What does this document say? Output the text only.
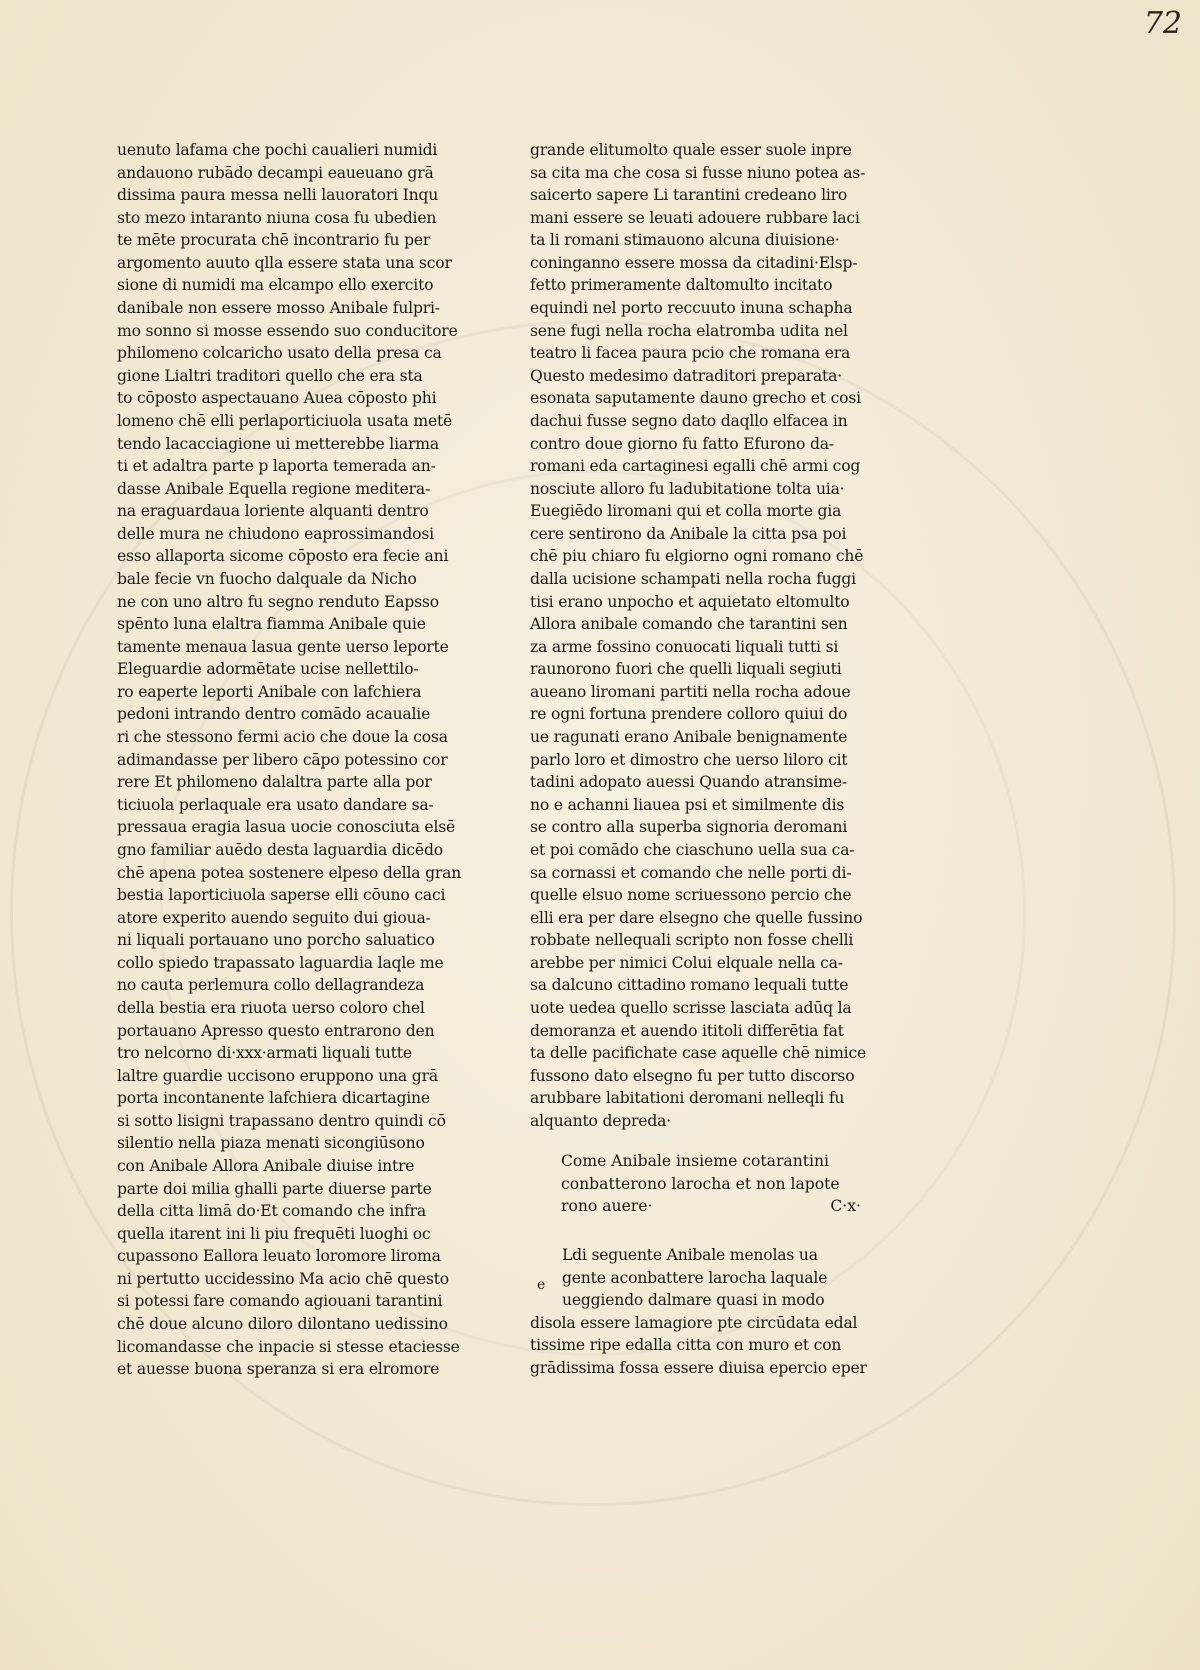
72
uenuto lafama che pochi caualieri numidi
andauono rubādo decampi eaueuano grā
dissima paura messa nelli lauoratori Inqu
sto mezo intaranto niuna cosa fu ubedien
te mēte procurata chē incontrario fu per
argomento auuto qlla essere stata una scor
sione di numidi ma elcampo ello exercito
danibale non essere mosso Anibale fulpri-
mo sonno si mosse essendo suo conducitore
philomeno colcaricho usato della presa ca
gione Lialtri traditori quello che era sta
to cōposto aspectauano Auea cōposto phi
lomeno chē elli perlaporticiuola usata metē
tendo lacacciagione ui metterebbe liarma
ti et adaltra parte p laporta temerada an-
dasse Anibale Equella regione meditera-
na eraguardaua loriente alquanti dentro
delle mura ne chiudono eaprossimandosi
esso allaporta sicome cōposto era fecie ani
bale fecie vn fuocho dalquale da Nicho
ne con uno altro fu segno renduto Eapsso
spēnto luna elaltra fiamma Anibale quie
tamente menaua lasua gente uerso leporte
Eleguardie adormētate ucise nellettilo-
ro eaperte leporti Anibale con lafchiera
pedoni intrando dentro comādo acaualie
ri che stessono fermi acio che doue la cosa
adimandasse per libero cāpo potessino cor
rere Et philomeno dalaltra parte alla por
ticiuola perlaquale era usato dandare sa-
pressaua eragia lasua uocie conosciuta elsē
gno familiar auēdo desta laguardia dicēdo
chē apena potea sostenere elpeso della gran
bestia laporticiuola saperse elli cōuno caci
atore experito auendo seguito dui gioua-
ni liquali portauano uno porcho saluatico
collo spiedo trapassato laguardia laqle me
no cauta perlemura collo dellagrandeza
della bestia era riuota uerso coloro chel
portauano Apresso questo entrarono den
tro nelcorno di·xxx·armati liquali tutte
laltre guardie uccisono eruppono una grā
porta incontanente lafchiera dicartagine
si sotto lisigni trapassano dentro quindi cō
silentio nella piaza menati sicongiūsono
con Anibale Allora Anibale diuise intre
parte doi milia ghalli parte diuerse parte
della citta limā do·Et comando che infra
quella itarent ini li piu frequēti luoghi oc
cupassono Eallora leuato loromore liroma
ni pertutto uccidessino Ma acio chē questo
si potessi fare comando agiouani tarantini
chē doue alcuno diloro dilontano uedissino
licomandasse che inpacie si stesse etaciesse
et auesse buona speranza si era elromore
grande elitumolto quale esser suole inpre
sa cita ma che cosa si fusse niuno potea as-
saicerto sapere Li tarantini credeano liro
mani essere se leuati adouere rubbare laci
ta li romani stimauono alcuna diuisione·
coninganno essere mossa da citadini·Elsp-
fetto primeramente daltomulto incitato
equindi nel porto reccuuto inuna schapha
sene fugi nella rocha elatromba udita nel
teatro li facea paura pcio che romana era
Questo medesimo datraditori preparata·
esonata saputamente dauno grecho et cosi
dachui fusse segno dato daqllo elfacea in
contro doue giorno fu fatto Efurono da-
romani eda cartaginesi egalli chē armi cog
nosciute alloro fu ladubitatione tolta uia·
Euegiēdo liromani qui et colla morte gia
cere sentirono da Anibale la citta psa poi
chē piu chiaro fu elgiorno ogni romano chē
dalla ucisione schampati nella rocha fuggi
tisi erano unpocho et aquietato eltomulto
Allora anibale comando che tarantini sen
za arme fossino conuocati liquali tutti si
raunorono fuori che quelli liquali segiuti
aueano liromani partiti nella rocha adoue
re ogni fortuna prendere colloro quiui do
ue ragunati erano Anibale benignamente
parlo loro et dimostro che uerso liloro cit
tadini adopato auessi Quando atransime-
no e achanni liauea psi et similmente dis
se contro alla superba signoria deromani
et poi comādo che ciaschuno uella sua ca-
sa cornassi et comando che nelle porti di-
quelle elsuo nome scriuessono percio che
elli era per dare elsegno che quelle fussino
robbate nellequali scripto non fosse chelli
arebbe per nimici Colui elquale nella ca-
sa dalcuno cittadino romano lequali tutte
uote uedea quello scrisse lasciata adūq la
demoranza et auendo ititoli differētia fat
ta delle pacifichate case aquelle chē nimice
fussono dato elsegno fu per tutto discorso
arubbare labitationi deromani nelleqli fu
alquanto depreda·
Come Anibale insieme cotarantini
conbatterono larocha et non lapote
rono auere·	C·x·
e
Ldi seguente Anibale menolas ua
gente aconbattere larocha laquale
ueggiendo dalmare quasi in modo
disola essere lamagiore pte circūdata edal
tissime ripe edalla citta con muro et con
grādissima fossa essere diuisa epercio eper
